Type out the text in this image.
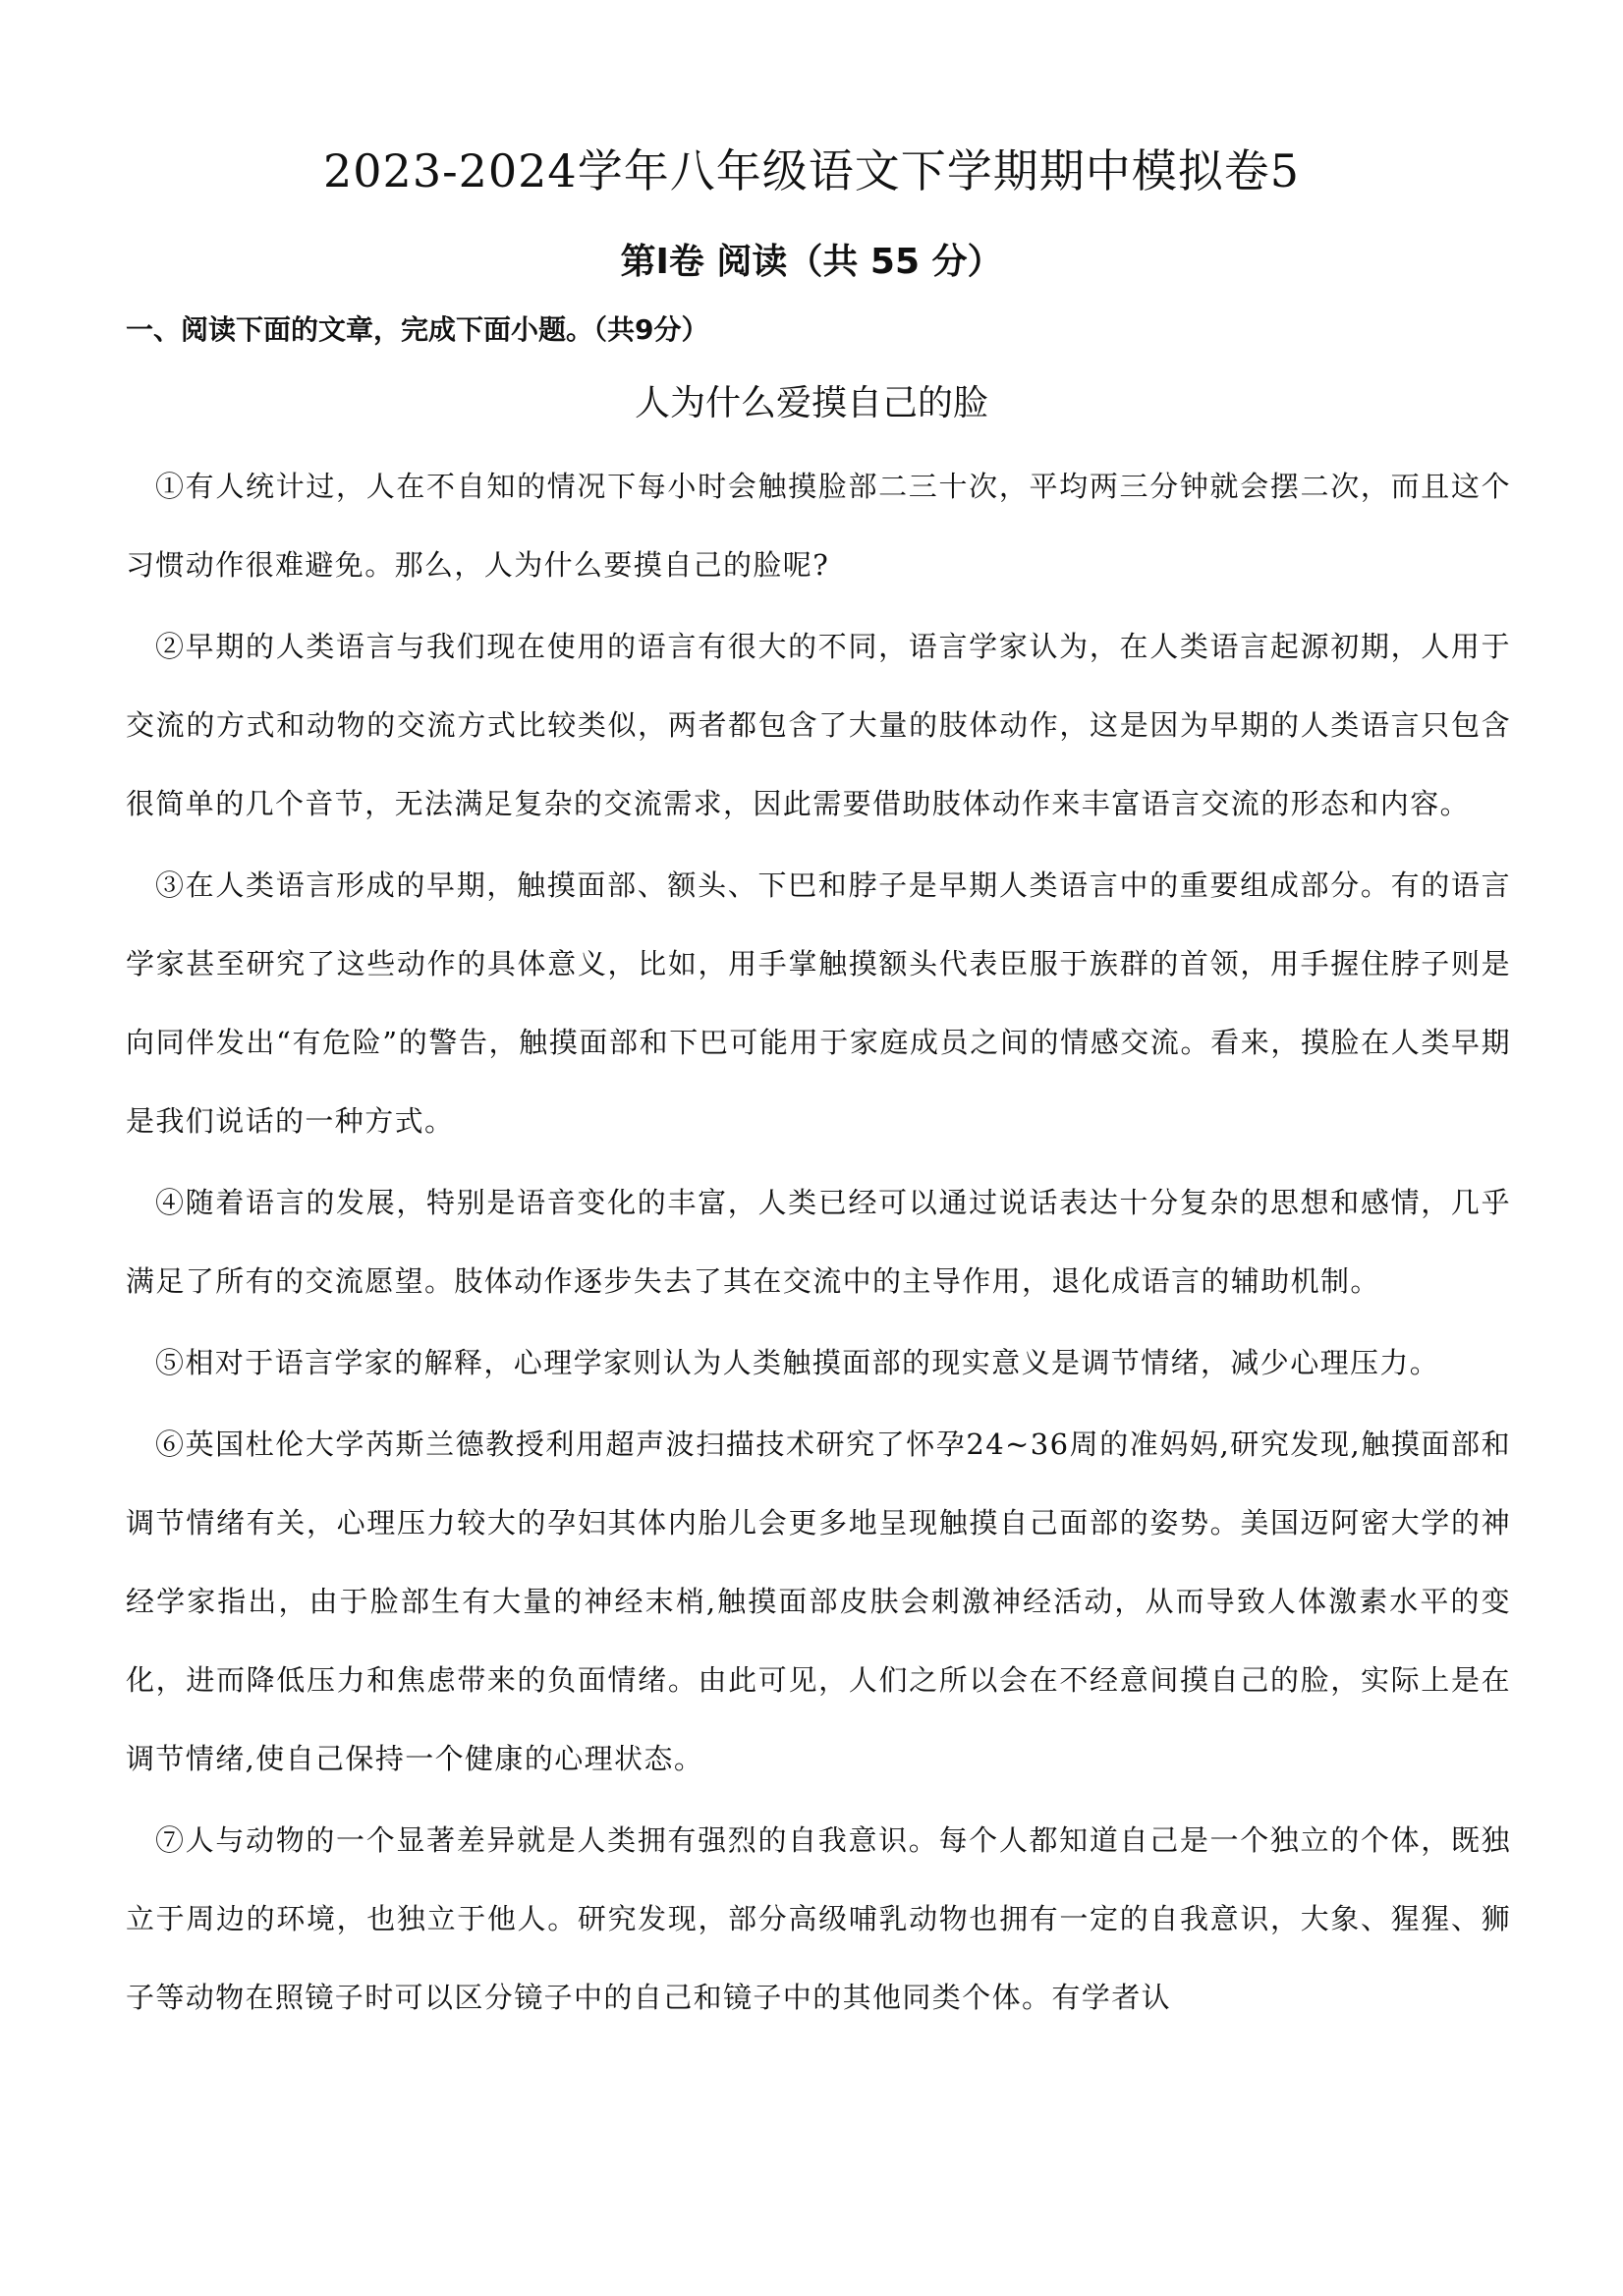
2023-2024学年八年级语文下学期期中模拟卷5
第Ⅰ卷 阅读（共 55 分）
一、阅读下面的文章，完成下面小题。（共9分）
人为什么爱摸自己的脸

①有人统计过，人在不自知的情况下每小时会触摸脸部二三十次，平均两三分钟就会摆二次，而且这个习惯动作很难避免。那么，人为什么要摸自己的脸呢?

②早期的人类语言与我们现在使用的语言有很大的不同，语言学家认为，在人类语言起源初期，人用于交流的方式和动物的交流方式比较类似，两者都包含了大量的肢体动作，这是因为早期的人类语言只包含很简单的几个音节，无法满足复杂的交流需求，因此需要借助肢体动作来丰富语言交流的形态和内容。

③在人类语言形成的早期，触摸面部、额头、下巴和脖子是早期人类语言中的重要组成部分。有的语言学家甚至研究了这些动作的具体意义，比如，用手掌触摸额头代表臣服于族群的首领，用手握住脖子则是向同伴发出“有危险”的警告，触摸面部和下巴可能用于家庭成员之间的情感交流。看来，摸脸在人类早期是我们说话的一种方式。

④随着语言的发展，特别是语音变化的丰富，人类已经可以通过说话表达十分复杂的思想和感情，几乎满足了所有的交流愿望。肢体动作逐步失去了其在交流中的主导作用，退化成语言的辅助机制。

⑤相对于语言学家的解释，心理学家则认为人类触摸面部的现实意义是调节情绪，减少心理压力。

⑥英国杜伦大学芮斯兰德教授利用超声波扫描技术研究了怀孕24~36周的准妈妈,研究发现,触摸面部和调节情绪有关，心理压力较大的孕妇其体内胎儿会更多地呈现触摸自己面部的姿势。美国迈阿密大学的神经学家指出，由于脸部生有大量的神经末梢,触摸面部皮肤会刺激神经活动，从而导致人体激素水平的变化，进而降低压力和焦虑带来的负面情绪。由此可见，人们之所以会在不经意间摸自己的脸，实际上是在调节情绪,使自己保持一个健康的心理状态。

⑦人与动物的一个显著差异就是人类拥有强烈的自我意识。每个人都知道自己是一个独立的个体，既独立于周边的环境，也独立于他人。研究发现，部分高级哺乳动物也拥有一定的自我意识，大象、猩猩、狮子等动物在照镜子时可以区分镜子中的自己和镜子中的其他同类个体。有学者认
